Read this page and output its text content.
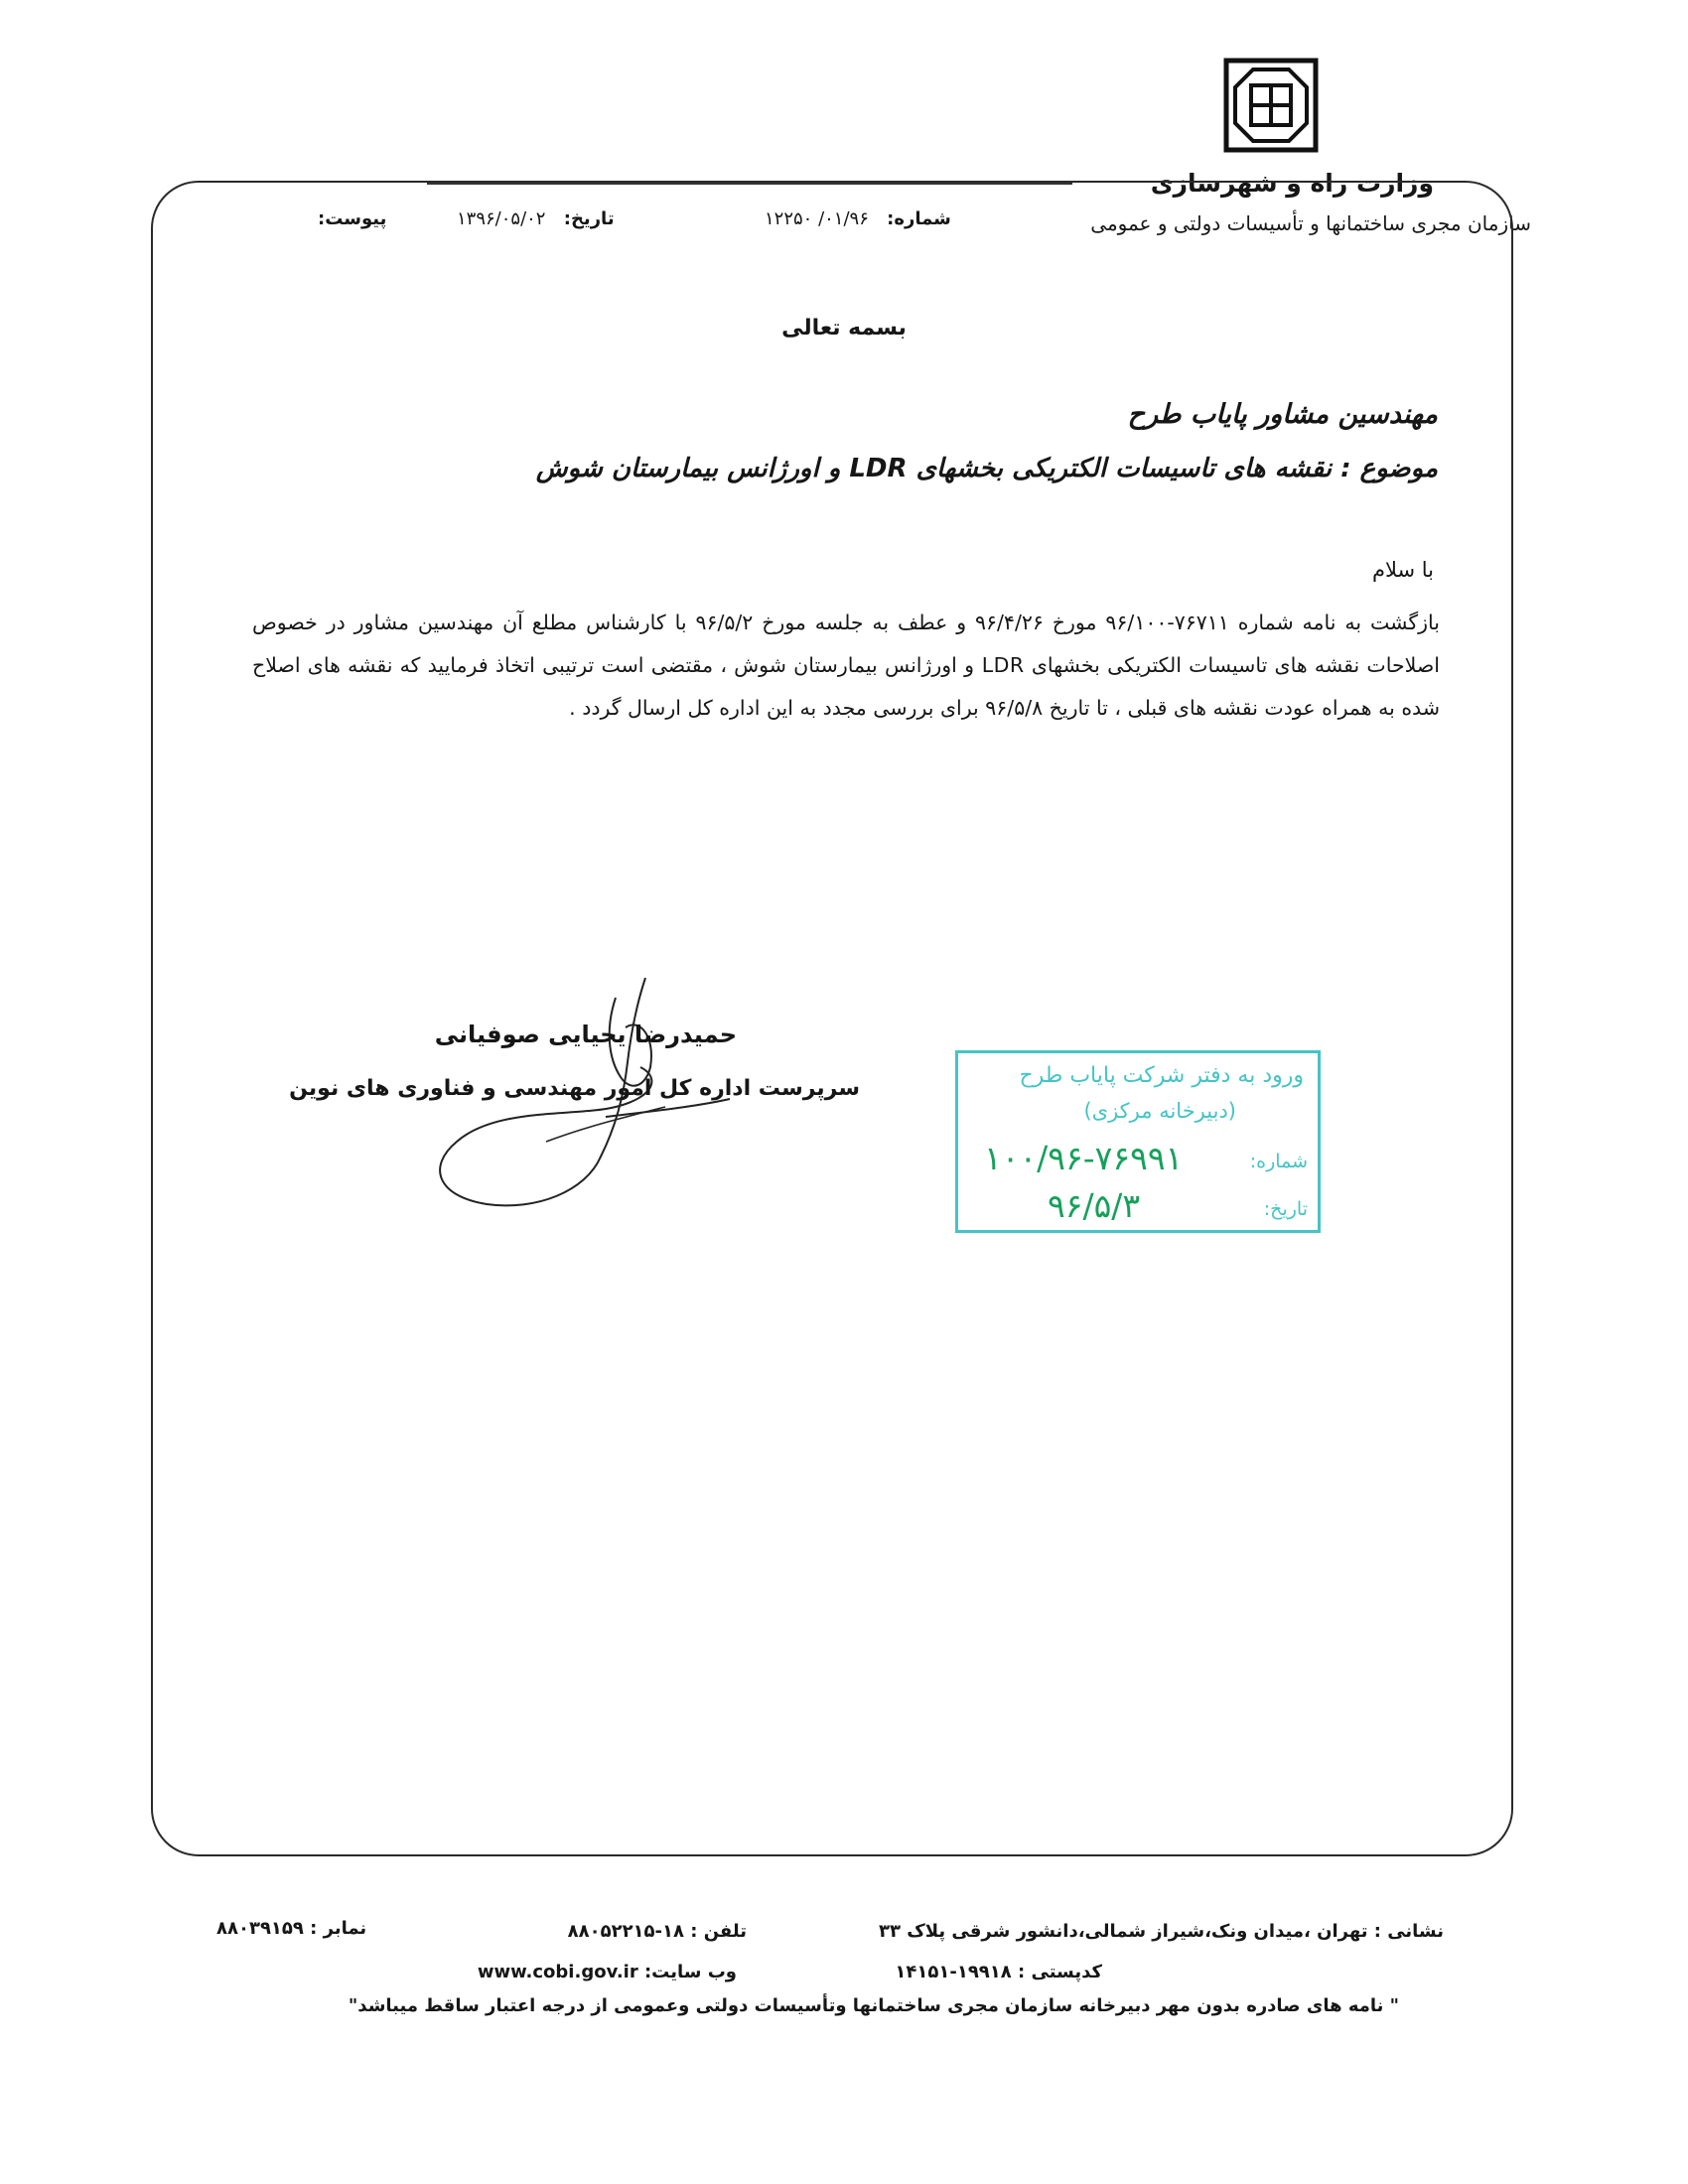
وزارت راه و شهرسازی
سازمان مجری ساختمانها و تأسیسات دولتی و عمومی
شماره: ۰۱/۹۶/ ۱۲۲۵۰
تاریخ: ۱۳۹۶/۰۵/۰۲
پیوست:
بسمه تعالی
مهندسین مشاور پایاب طرح
موضوع : نقشه های تاسیسات الکتریکی بخشهای LDR و اورژانس بیمارستان شوش
با سلام
بازگشت به نامه شماره ۷۶۷۱۱-۹۶/۱۰۰ مورخ ۹۶/۴/۲۶ و عطف به جلسه مورخ ۹۶/۵/۲ با کارشناس مطلع آن مهندسین مشاور در خصوص اصلاحات نقشه های تاسیسات الکتریکی بخشهای LDR و اورژانس بیمارستان شوش ، مقتضی است ترتیبی اتخاذ فرمایید که نقشه های اصلاح شده به همراه عودت نقشه های قبلی ، تا تاریخ ۹۶/۵/۸ برای بررسی مجدد به این اداره کل ارسال گردد .
حمیدرضا یحیایی صوفیانی
سرپرست اداره کل امور مهندسی و فناوری های نوین
ورود به دفتر شرکت پایاب طرح
(دبیرخانه مرکزی)
شماره:
۱۰۰/۹۶-۷۶۹۹۱
تاریخ:
۹۶/۵/۳
نشانی : تهران ،میدان ونک،شیراز شمالی،دانشور شرقی پلاک ۳۳
کدپستی : ۱۹۹۱۸-۱۴۱۵۱
تلفن : ۱۸-۸۸۰۵۲۲۱۵
وب سایت: www.cobi.gov.ir
نمابر : ۸۸۰۳۹۱۵۹
" نامه های صادره بدون مهر دبیرخانه سازمان مجری ساختمانها وتأسیسات دولتی وعمومی از درجه اعتبار ساقط میباشد"
